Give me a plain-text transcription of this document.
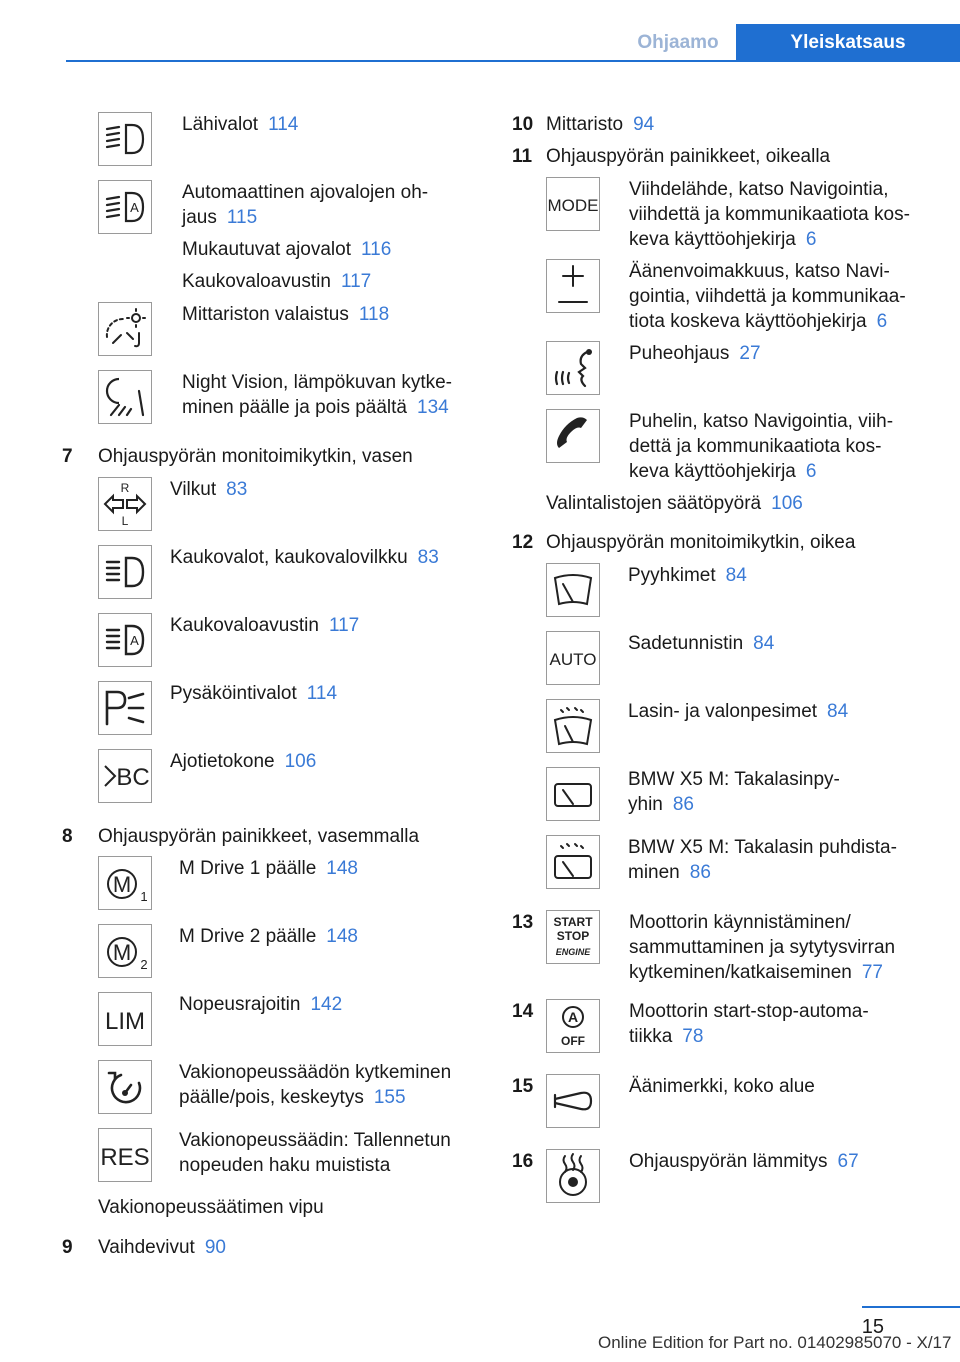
Ohjaamo	Yleiskatsaus
Lähivalot 114
A

Automaattinen ajovalojen oh-

jaus 115

Mukautuvat ajovalot 116

Kaukovaloavustin 117

Mittariston valaistus 118

Night Vision, lämpökuvan kytke-

minen päälle ja pois päältä 134

7 Ohjauspyörän monitoimikytkin, vasen
R
L
Vilkut 83
Kaukovalot, kaukovalovilkku 83
A
Kaukovaloavustin 117
Pysäköintivalot 114
BC
Ajotietokone 106
8 Ohjauspyörän painikkeet, vasemmalla
M 1
M Drive 1 päälle 148
M 2
M Drive 2 päälle 148
LIM
Nopeusrajoitin 142

Vakionopeussäädön kytkeminen

päälle/pois, keskeytys 155

RES

Vakionopeussäädin: Tallennetun

nopeuden haku muistista

Vakionopeussäätimen vipu
9 Vaihdevivut 90
10 Mittaristo 94
11 Ohjauspyörän painikkeet, oikealla
MODE

Viihdelähde, katso Navigointia,

viihdettä ja kommunikaatiota kos-

keva käyttöohjekirja 6

Äänenvoimakkuus, katso Navi-

gointia, viihdettä ja kommunikaa-

tiota koskeva käyttöohjekirja 6

Puheohjaus 27

Puhelin, katso Navigointia, viih-

dettä ja kommunikaatiota kos-

keva käyttöohjekirja 6

Valintalistojen säätöpyörä 106
12 Ohjauspyörän monitoimikytkin, oikea
Pyyhkimet 84
AUTO
Sadetunnistin 84
Lasin- ja valonpesimet 84

BMW X5 M: Takalasinpy-

yhin 86

BMW X5 M: Takalasin puhdista-

minen 86

13 START
STOP
ENGINE

Moottorin käynnistäminen/

sammuttaminen ja sytytysvirran

kytkeminen/katkaiseminen 77

14 A
OFF

Moottorin start-stop-automa-

tiikka 78

15	Äänimerkki, koko alue
16	Ohjauspyörän lämmitys 67
15
Online Edition for Part no. 01402985070 - X/17
